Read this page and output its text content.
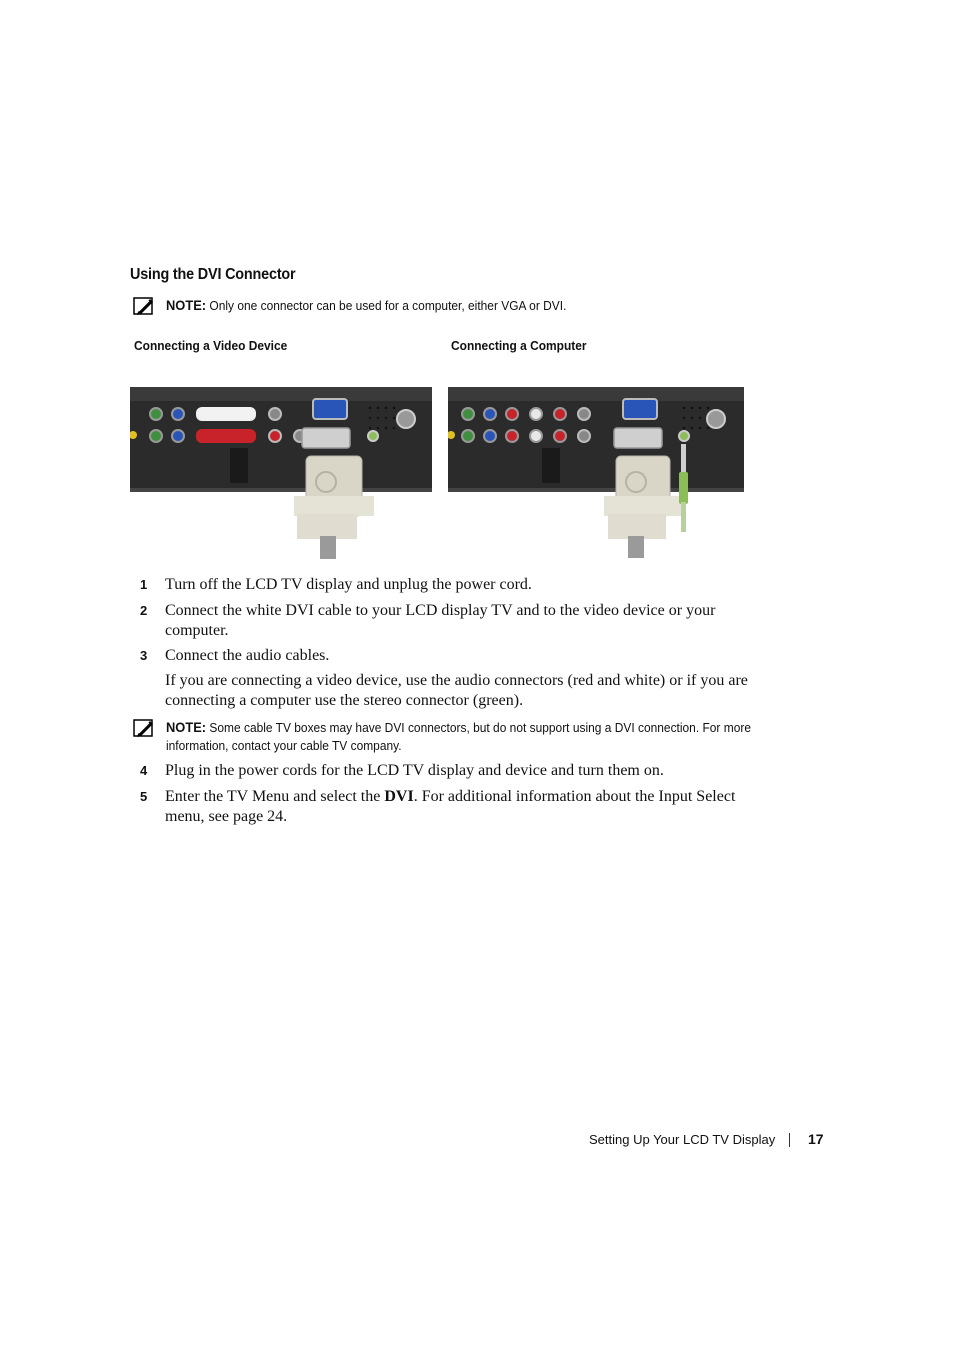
Using the DVI Connector
NOTE: Only one connector can be used for a computer, either VGA or DVI.
Connecting a Video Device	Connecting a Computer
1 Turn off the LCD TV display and unplug the power cord.
2 Connect the white DVI cable to your LCD display TV and to the video device or your computer.
3 Connect the audio cables.
If you are connecting a video device, use the audio connectors (red and white) or if you are connecting a computer use the stereo connector (green).
NOTE: Some cable TV boxes may have DVI connectors, but do not support using a DVI connection. For more information, contact your cable TV company.
4 Plug in the power cords for the LCD TV display and device and turn them on.
5 Enter the TV Menu and select the DVI. For additional information about the Input Select menu, see page 24.
Setting Up Your LCD TV Display 17
